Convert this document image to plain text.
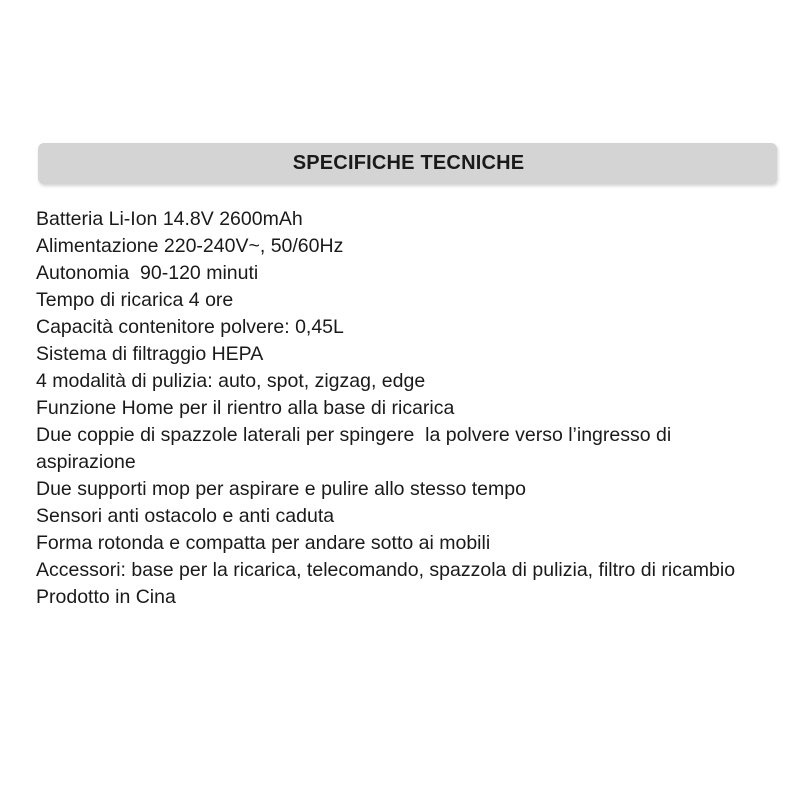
SPECIFICHE TECNICHE
Batteria Li-Ion 14.8V 2600mAh
Alimentazione 220-240V~, 50/60Hz
Autonomia  90-120 minuti
Tempo di ricarica 4 ore
Capacità contenitore polvere: 0,45L
Sistema di filtraggio HEPA
4 modalità di pulizia: auto, spot, zigzag, edge
Funzione Home per il rientro alla base di ricarica
Due coppie di spazzole laterali per spingere  la polvere verso l’ingresso di aspirazione
Due supporti mop per aspirare e pulire allo stesso tempo
Sensori anti ostacolo e anti caduta
Forma rotonda e compatta per andare sotto ai mobili
Accessori: base per la ricarica, telecomando, spazzola di pulizia, filtro di ricambio
Prodotto in Cina
